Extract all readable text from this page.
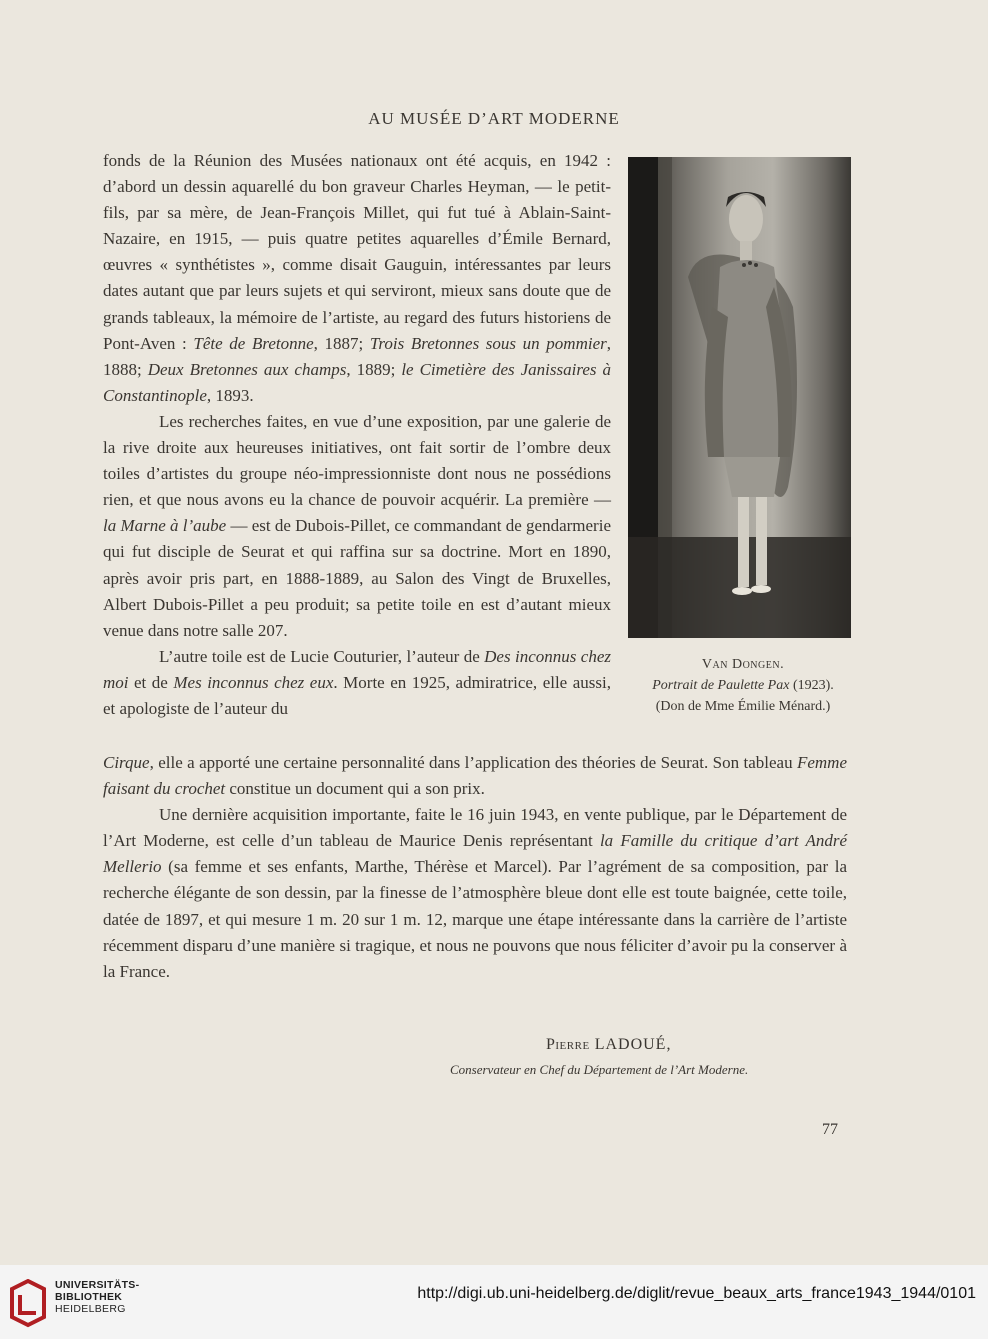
AU MUSÉE D’ART MODERNE

fonds de la Réunion des Musées nationaux ont été acquis, en 1942 : d’abord un dessin aquarellé du bon graveur Charles Heyman, — le petit-fils, par sa mère, de Jean-François Millet, qui fut tué à Ablain-Saint-Nazaire, en 1915, — puis quatre petites aquarelles d’Émile Bernard, œuvres « synthétistes », comme disait Gauguin, intéressantes par leurs dates autant que par leurs sujets et qui serviront, mieux sans doute que de grands tableaux, la mémoire de l’artiste, au regard des futurs historiens de Pont-Aven : Tête de Bretonne, 1887; Trois Bretonnes sous un pommier, 1888; Deux Bretonnes aux champs, 1889; le Cimetière des Janissaires à Constantinople, 1893.

Les recherches faites, en vue d’une exposition, par une galerie de la rive droite aux heureuses initiatives, ont fait sortir de l’ombre deux toiles d’artistes du groupe néo-impressionniste dont nous ne possédions rien, et que nous avons eu la chance de pouvoir acquérir. La première — la Marne à l’aube — est de Dubois-Pillet, ce commandant de gendarmerie qui fut disciple de Seurat et qui raffina sur sa doctrine. Mort en 1890, après avoir pris part, en 1888-1889, au Salon des Vingt de Bruxelles, Albert Dubois-Pillet a peu produit; sa petite toile en est d’autant mieux venue dans notre salle 207.

L’autre toile est de Lucie Couturier, l’auteur de Des inconnus chez moi et de Mes inconnus chez eux. Morte en 1925, admiratrice, elle aussi, et apologiste de l’auteur du

Van Dongen.
Portrait de Paulette Pax (1923).
(Don de Mme Émilie Ménard.)

Cirque, elle a apporté une certaine personnalité dans l’application des théories de Seurat. Son tableau Femme faisant du crochet constitue un document qui a son prix.

Une dernière acquisition importante, faite le 16 juin 1943, en vente publique, par le Département de l’Art Moderne, est celle d’un tableau de Maurice Denis représentant la Famille du critique d’art André Mellerio (sa femme et ses enfants, Marthe, Thérèse et Marcel). Par l’agrément de sa composition, par la recherche élégante de son dessin, par la finesse de l’atmosphère bleue dont elle est toute baignée, cette toile, datée de 1897, et qui mesure 1 m. 20 sur 1 m. 12, marque une étape intéressante dans la carrière de l’artiste récemment disparu d’une manière si tragique, et nous ne pouvons que nous féliciter d’avoir pu la conserver à la France.

Pierre LADOUÉ,
Conservateur en Chef du Département de l’Art Moderne.
77
UNIVERSITÄTS-
BIBLIOTHEK
HEIDELBERG
http://digi.ub.uni-heidelberg.de/diglit/revue_beaux_arts_france1943_1944/0101
